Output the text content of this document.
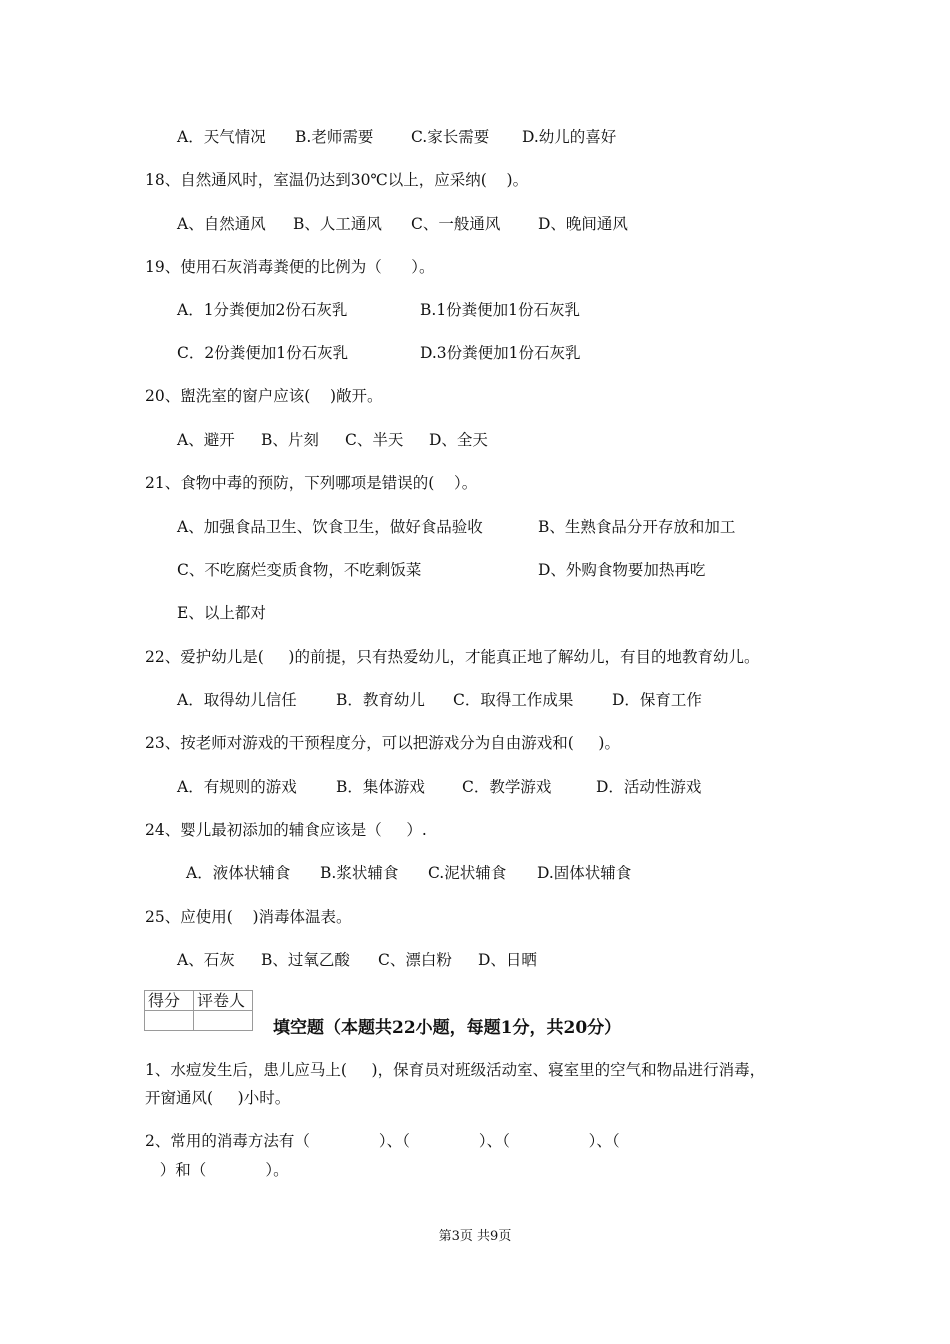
A．天气情况 B.老师需要 C.家长需要 D.幼儿的喜好
18、自然通风时，室温仍达到30℃以上，应采纳(    )。
A、自然通风 B、人工通风 C、一般通风 D、晚间通风
19、使用石灰消毒粪便的比例为（      ）。
A．1分粪便加2份石灰乳	B.1份粪便加1份石灰乳
C．2份粪便加1份石灰乳	D.3份粪便加1份石灰乳
20、盥洗室的窗户应该(    )敞开。
A、避开 B、片刻 C、半天 D、全天
21、食物中毒的预防，下列哪项是错误的(    ）。
A、加强食品卫生、饮食卫生，做好食品验收	B、生熟食品分开存放和加工
C、不吃腐烂变质食物，不吃剩饭菜	D、外购食物要加热再吃
E、以上都对
22、爱护幼儿是(     )的前提，只有热爱幼儿，才能真正地了解幼儿，有目的地教育幼儿。
A．取得幼儿信任	B．教育幼儿 C．取得工作成果 D．保育工作
23、按老师对游戏的干预程度分，可以把游戏分为自由游戏和(     )。
A．有规则的游戏	B．集体游戏 C．教学游戏	D．活动性游戏
24、婴儿最初添加的辅食应该是（     ）.
A．液体状辅食 B.浆状辅食 C.泥状辅食 D.固体状辅食
25、应使用(    )消毒体温表。
A、石灰 B、过氧乙酸 C、漂白粉 D、日晒
得分	评卷人

填空题（本题共22小题，每题1分，共20分）
1、水痘发生后，患儿应马上(     )，保育员对班级活动室、寝室里的空气和物品进行消毒，
开窗通风(     )小时。
2、常用的消毒方法有（              ）、（              ）、（                ）、（
）和（            ）。
第3页 共9页
